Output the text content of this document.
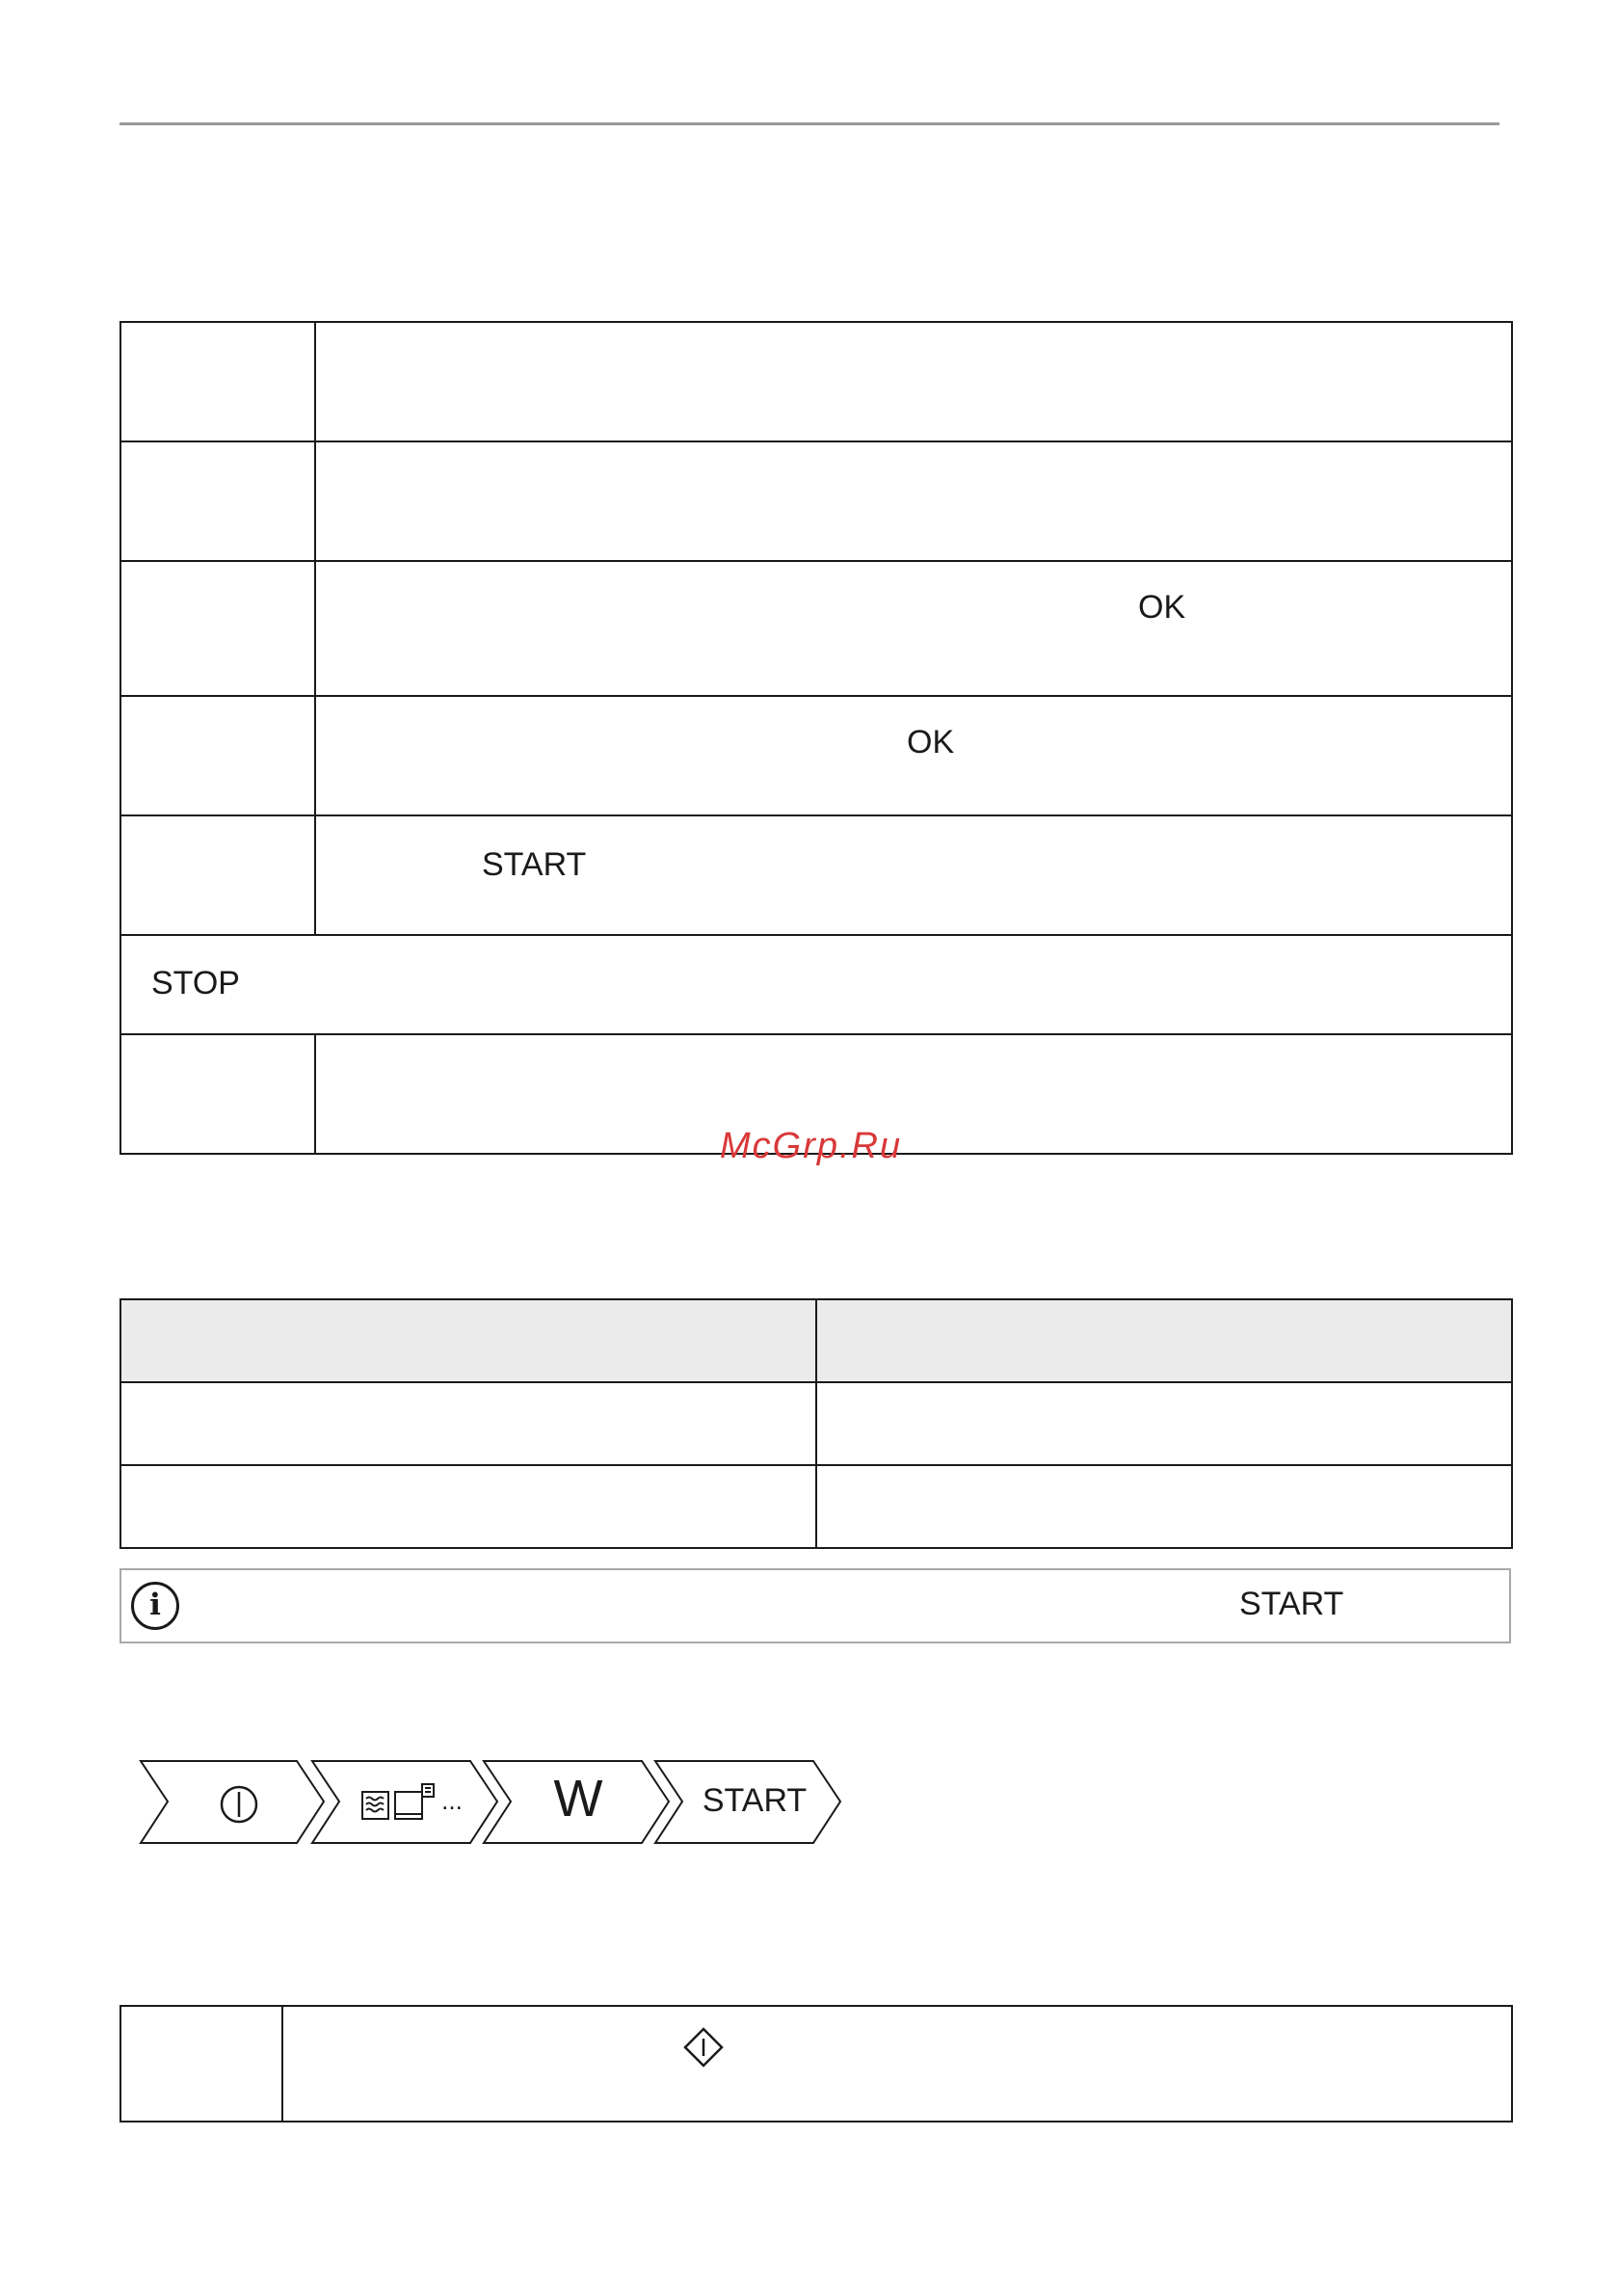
	OK

	OK

	START

STOP	

McGrp.Ru

i	START
...	W	START
